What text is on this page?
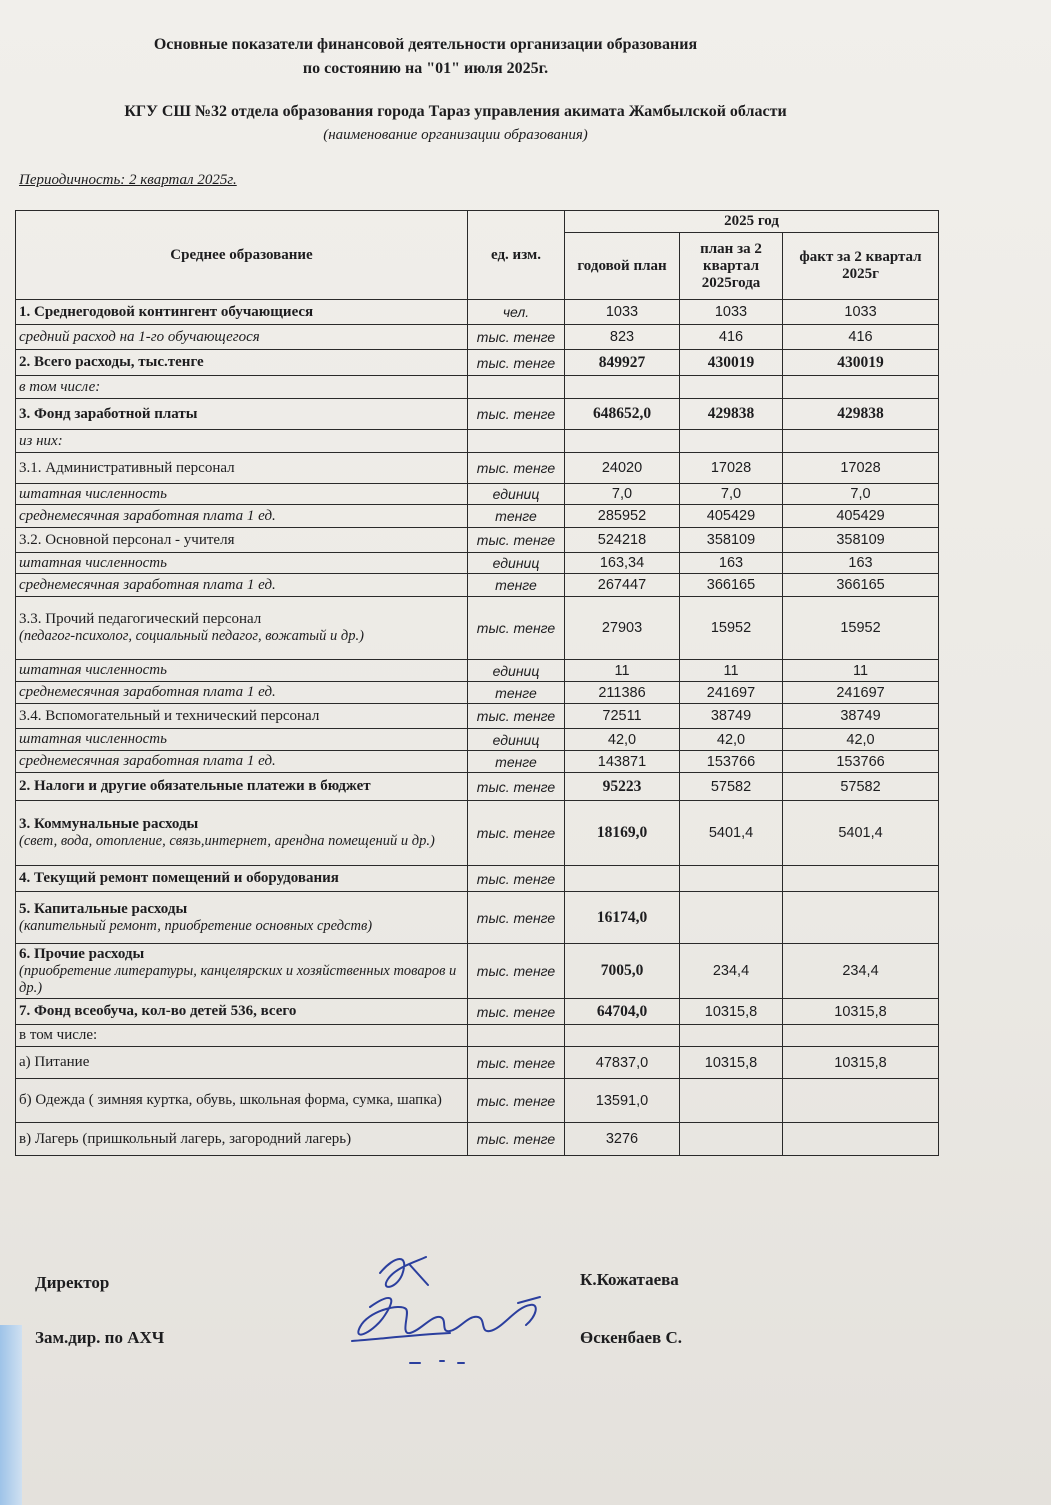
Основные показатели финансовой деятельности организации образования
по состоянию на "01" июля 2025г.
КГУ СШ №32 отдела образования города Тараз управления акимата Жамбылской области
(наименование организации образования)
Периодичность: 2 квартал 2025г.
Среднее образование	ед. изм.	2025 год		
		годовой план	план за 2 квартал 2025года	факт за 2 квартал 2025г
1. Среднегодовой контингент обучающиеся	чел.	1033	1033	1033
средний расход на 1-го обучающегося	тыс. тенге	823	416	416
2. Всего расходы, тыс.тенге	тыс. тенге	849927	430019	430019
в том числе:				
3. Фонд заработной платы	тыс. тенге	648652,0	429838	429838
из них:				
3.1. Административный персонал	тыс. тенге	24020	17028	17028
штатная численность	единиц	7,0	7,0	7,0
среднемесячная заработная плата 1 ед.	тенге	285952	405429	405429
3.2. Основной персонал - учителя	тыс. тенге	524218	358109	358109
штатная численность	единиц	163,34	163	163
среднемесячная заработная плата 1 ед.	тенге	267447	366165	366165
3.3. Прочий педагогический персонал
(педагог-психолог, социальный педагог, вожатый и др.)	тыс. тенге	27903	15952	15952
штатная численность	единиц	11	11	11
среднемесячная заработная плата 1 ед.	тенге	211386	241697	241697
3.4. Вспомогательный и технический персонал	тыс. тенге	72511	38749	38749
штатная численность	единиц	42,0	42,0	42,0
среднемесячная заработная плата 1 ед.	тенге	143871	153766	153766
2. Налоги и другие обязательные платежи в бюджет	тыс. тенге	95223	57582	57582
3. Коммунальные расходы
(свет, вода, отопление, связь,интернет, арендна помещений и др.)	тыс. тенге	18169,0	5401,4	5401,4
4. Текущий ремонт помещений и оборудования	тыс. тенге			
5. Капитальные расходы
(капительный ремонт, приобретение основных средств)	тыс. тенге	16174,0		
6. Прочие расходы
(приобретение литературы, канцелярских и хозяйственных товаров и др.)	тыс. тенге	7005,0	234,4	234,4
7. Фонд всеобуча, кол-во детей 536, всего	тыс. тенге	64704,0	10315,8	10315,8
в том числе:				
а) Питание	тыс. тенге	47837,0	10315,8	10315,8
б) Одежда ( зимняя куртка, обувь, школьная форма, сумка, шапка)	тыс. тенге	13591,0		
в) Лагерь (пришкольный лагерь, загородний лагерь)	тыс. тенге	3276		
Директор	К.Кожатаева
Зам.дир. по АХЧ	Өскенбаев С.
